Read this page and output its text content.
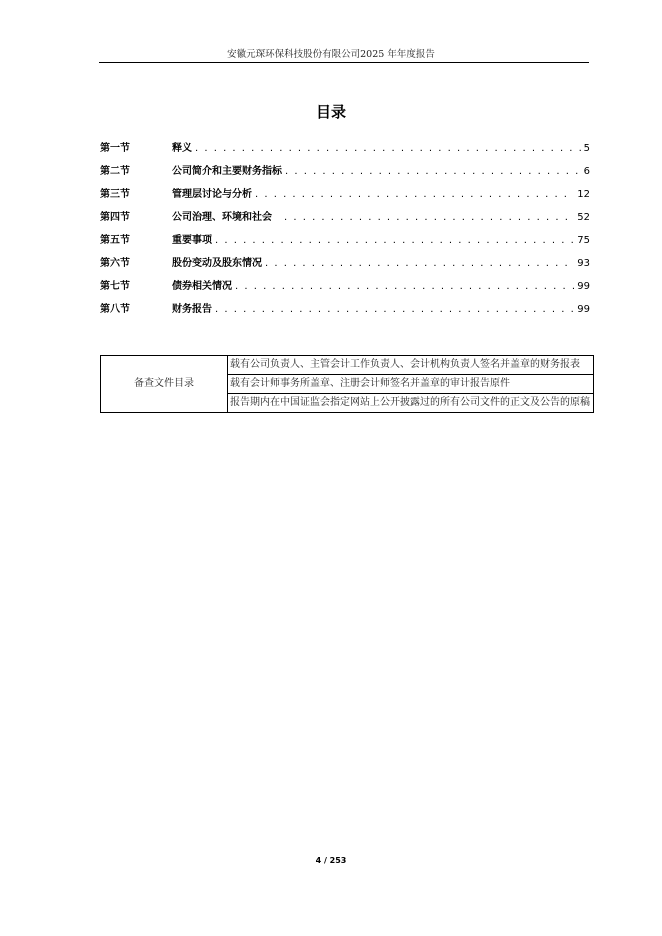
安徽元琛环保科技股份有限公司2025 年年度报告
目录
第一节	释义 . . .	5
第二节	公司简介和主要财务指标 . . .	6
第三节	管理层讨论与分析 . . .	12
第四节	公司治理、环境和社会 . . .	52
第五节	重要事项 . . .	75
第六节	股份变动及股东情况 . . .	93
第七节	债券相关情况 . . .	99
第八节	财务报告 . . .	99
备查文件目录	载有公司负责人、主管会计工作负责人、会计机构负责人签名并盖章的财务报表
载有会计师事务所盖章、注册会计师签名并盖章的审计报告原件
报告期内在中国证监会指定网站上公开披露过的所有公司文件的正文及公告的原稿
4 / 253
